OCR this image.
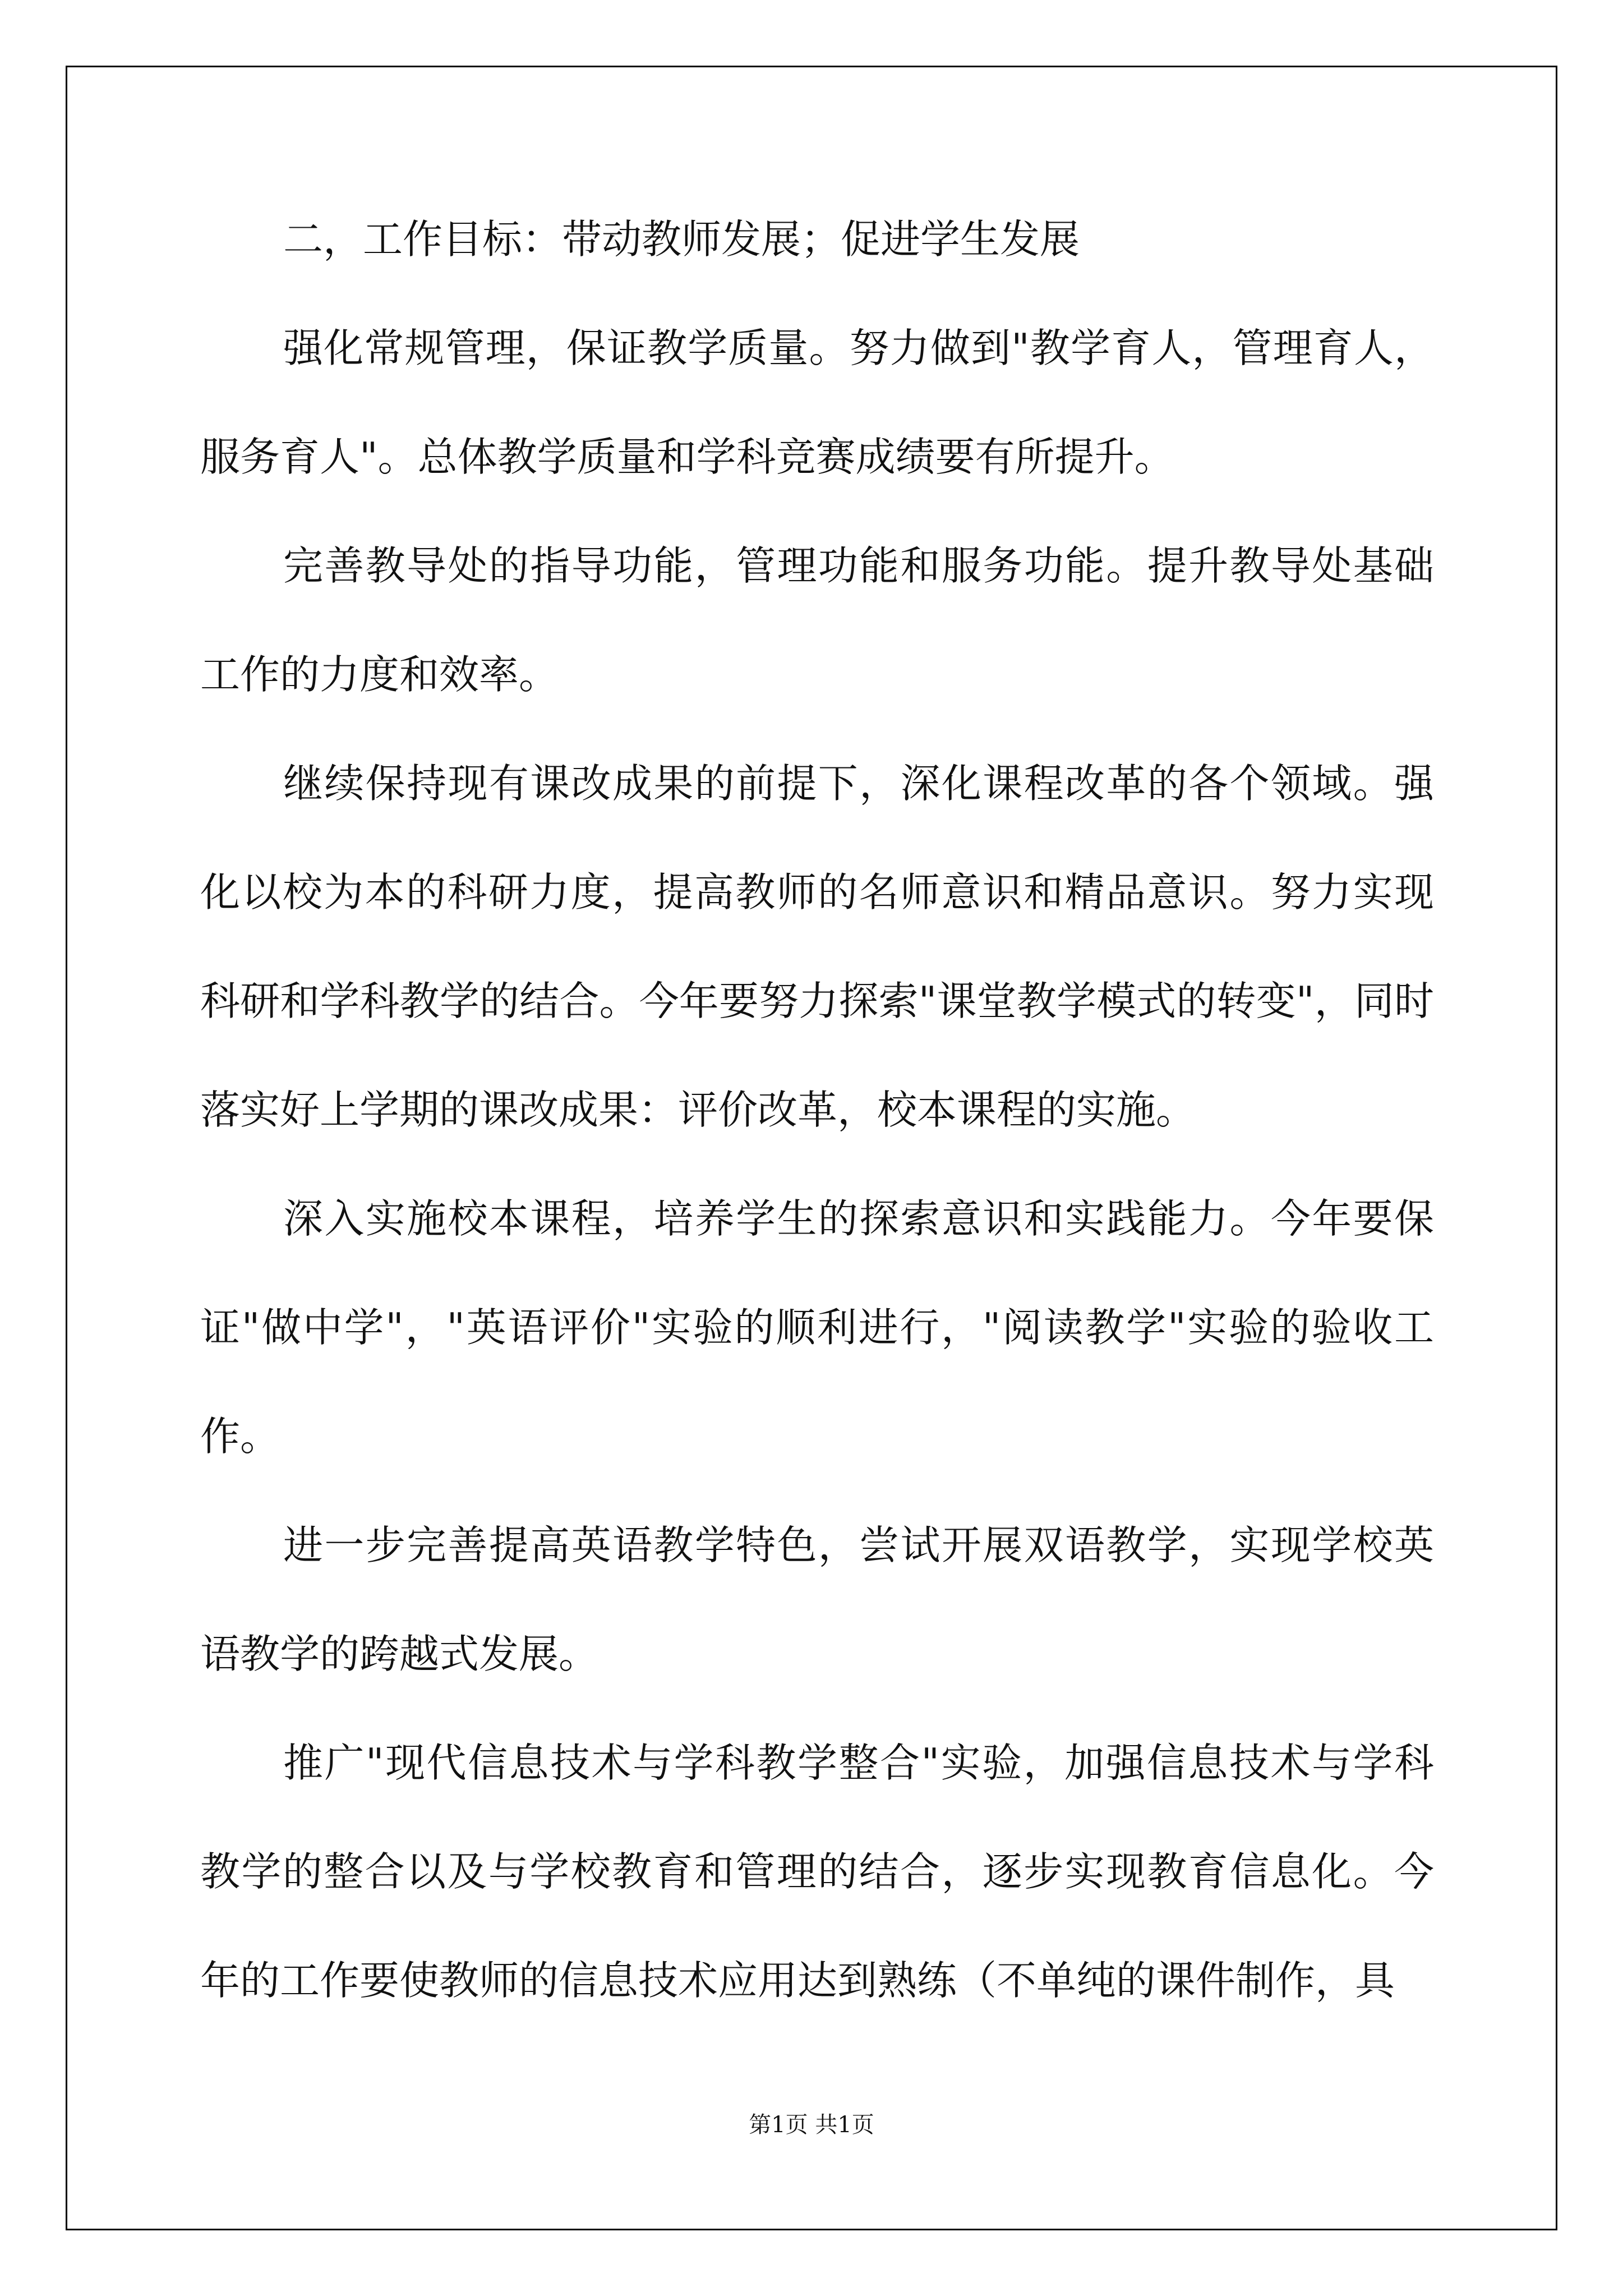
二，工作目标：带动教师发展；促进学生发展

强化常规管理，保证教学质量。努力做到"教学育人，管理育人，服务育人"。总体教学质量和学科竞赛成绩要有所提升。

完善教导处的指导功能，管理功能和服务功能。提升教导处基础工作的力度和效率。

继续保持现有课改成果的前提下，深化课程改革的各个领域。强化以校为本的科研力度，提高教师的名师意识和精品意识。努力实现科研和学科教学的结合。今年要努力探索"课堂教学模式的转变"，同时落实好上学期的课改成果：评价改革，校本课程的实施。

深入实施校本课程，培养学生的探索意识和实践能力。今年要保证"做中学"，"英语评价"实验的顺利进行，"阅读教学"实验的验收工作。

进一步完善提高英语教学特色，尝试开展双语教学，实现学校英语教学的跨越式发展。

推广"现代信息技术与学科教学整合"实验，加强信息技术与学科教学的整合以及与学校教育和管理的结合，逐步实现教育信息化。今年的工作要使教师的信息技术应用达到熟练（不单纯的课件制作，具

第1页 共1页
